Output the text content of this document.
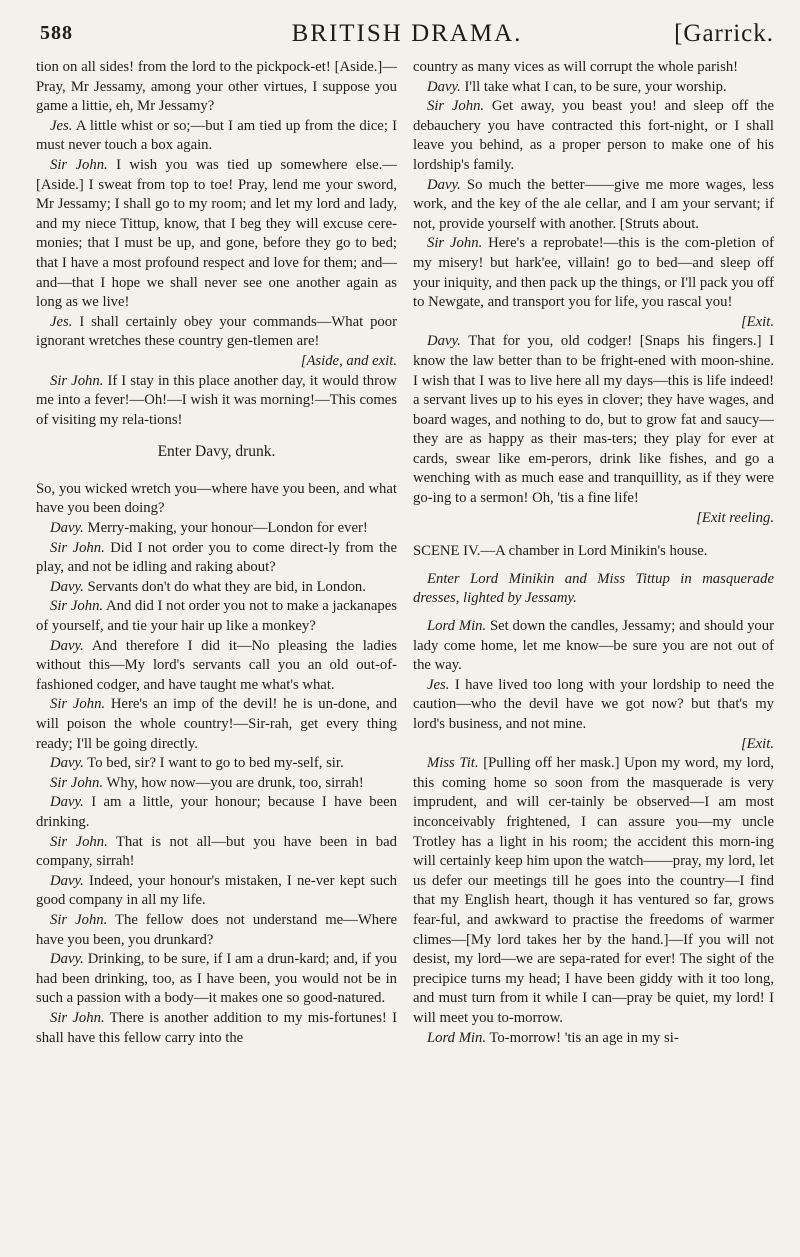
588	BRITISH DRAMA.	[Garrick.

tion on all sides! from the lord to the pickpock-et! [Aside.]—Pray, Mr Jessamy, among your other virtues, I suppose you game a littie, eh, Mr Jessamy?

Jes. A little whist or so;—but I am tied up from the dice; I must never touch a box again.

Sir John. I wish you was tied up somewhere else.—[Aside.] I sweat from top to toe! Pray, lend me your sword, Mr Jessamy; I shall go to my room; and let my lord and lady, and my niece Tittup, know, that I beg they will excuse cere-monies; that I must be up, and gone, before they go to bed; that I have a most profound respect and love for them; and—and—that I hope we shall never see one another again as long as we live!

Jes. I shall certainly obey your commands—What poor ignorant wretches these country gen-tlemen are!

[Aside, and exit.

Sir John. If I stay in this place another day, it would throw me into a fever!—Oh!—I wish it was morning!—This comes of visiting my rela-tions!

Enter Davy, drunk.

So, you wicked wretch you—where have you been, and what have you been doing?

Davy. Merry-making, your honour—London for ever!

Sir John. Did I not order you to come direct-ly from the play, and not be idling and raking about?

Davy. Servants don't do what they are bid, in London.

Sir John. And did I not order you not to make a jackanapes of yourself, and tie your hair up like a monkey?

Davy. And therefore I did it—No pleasing the ladies without this—My lord's servants call you an old out-of-fashioned codger, and have taught me what's what.

Sir John. Here's an imp of the devil! he is un-done, and will poison the whole country!—Sir-rah, get every thing ready; I'll be going directly.

Davy. To bed, sir? I want to go to bed my-self, sir.

Sir John. Why, how now—you are drunk, too, sirrah!

Davy. I am a little, your honour; because I have been drinking.

Sir John. That is not all—but you have been in bad company, sirrah!

Davy. Indeed, your honour's mistaken, I ne-ver kept such good company in all my life.

Sir John. The fellow does not understand me—Where have you been, you drunkard?

Davy. Drinking, to be sure, if I am a drun-kard; and, if you had been drinking, too, as I have been, you would not be in such a passion with a body—it makes one so good-natured.

Sir John. There is another addition to my mis-fortunes! I shall have this fellow carry into the

country as many vices as will corrupt the whole parish!

Davy. I'll take what I can, to be sure, your worship.

Sir John. Get away, you beast you! and sleep off the debauchery you have contracted this fort-night, or I shall leave you behind, as a proper person to make one of his lordship's family.

Davy. So much the better——give me more wages, less work, and the key of the ale cellar, and I am your servant; if not, provide yourself with another. [Struts about.

Sir John. Here's a reprobate!—this is the com-pletion of my misery! but hark'ee, villain! go to bed—and sleep off your iniquity, and then pack up the things, or I'll pack you off to Newgate, and transport you for life, you rascal you!

[Exit.

Davy. That for you, old codger! [Snaps his fingers.] I know the law better than to be fright-ened with moon-shine. I wish that I was to live here all my days—this is life indeed! a servant lives up to his eyes in clover; they have wages, and board wages, and nothing to do, but to grow fat and saucy—they are as happy as their mas-ters; they play for ever at cards, swear like em-perors, drink like fishes, and go a wenching with as much ease and tranquillity, as if they were go-ing to a sermon! Oh, 'tis a fine life!

[Exit reeling.

SCENE IV.—A chamber in Lord Minikin's house.

Enter Lord Minikin and Miss Tittup in masquerade dresses, lighted by Jessamy.

Lord Min. Set down the candles, Jessamy; and should your lady come home, let me know—be sure you are not out of the way.

Jes. I have lived too long with your lordship to need the caution—who the devil have we got now? but that's my lord's business, and not mine.

[Exit.

Miss Tit. [Pulling off her mask.] Upon my word, my lord, this coming home so soon from the masquerade is very imprudent, and will cer-tainly be observed—I am most inconceivably frightened, I can assure you—my uncle Trotley has a light in his room; the accident this morn-ing will certainly keep him upon the watch——pray, my lord, let us defer our meetings till he goes into the country—I find that my English heart, though it has ventured so far, grows fear-ful, and awkward to practise the freedoms of warmer climes—[My lord takes her by the hand.]—If you will not desist, my lord—we are sepa-rated for ever! The sight of the precipice turns my head; I have been giddy with it too long, and must turn from it while I can—pray be quiet, my lord! I will meet you to-morrow.

Lord Min. To-morrow! 'tis an age in my si-
